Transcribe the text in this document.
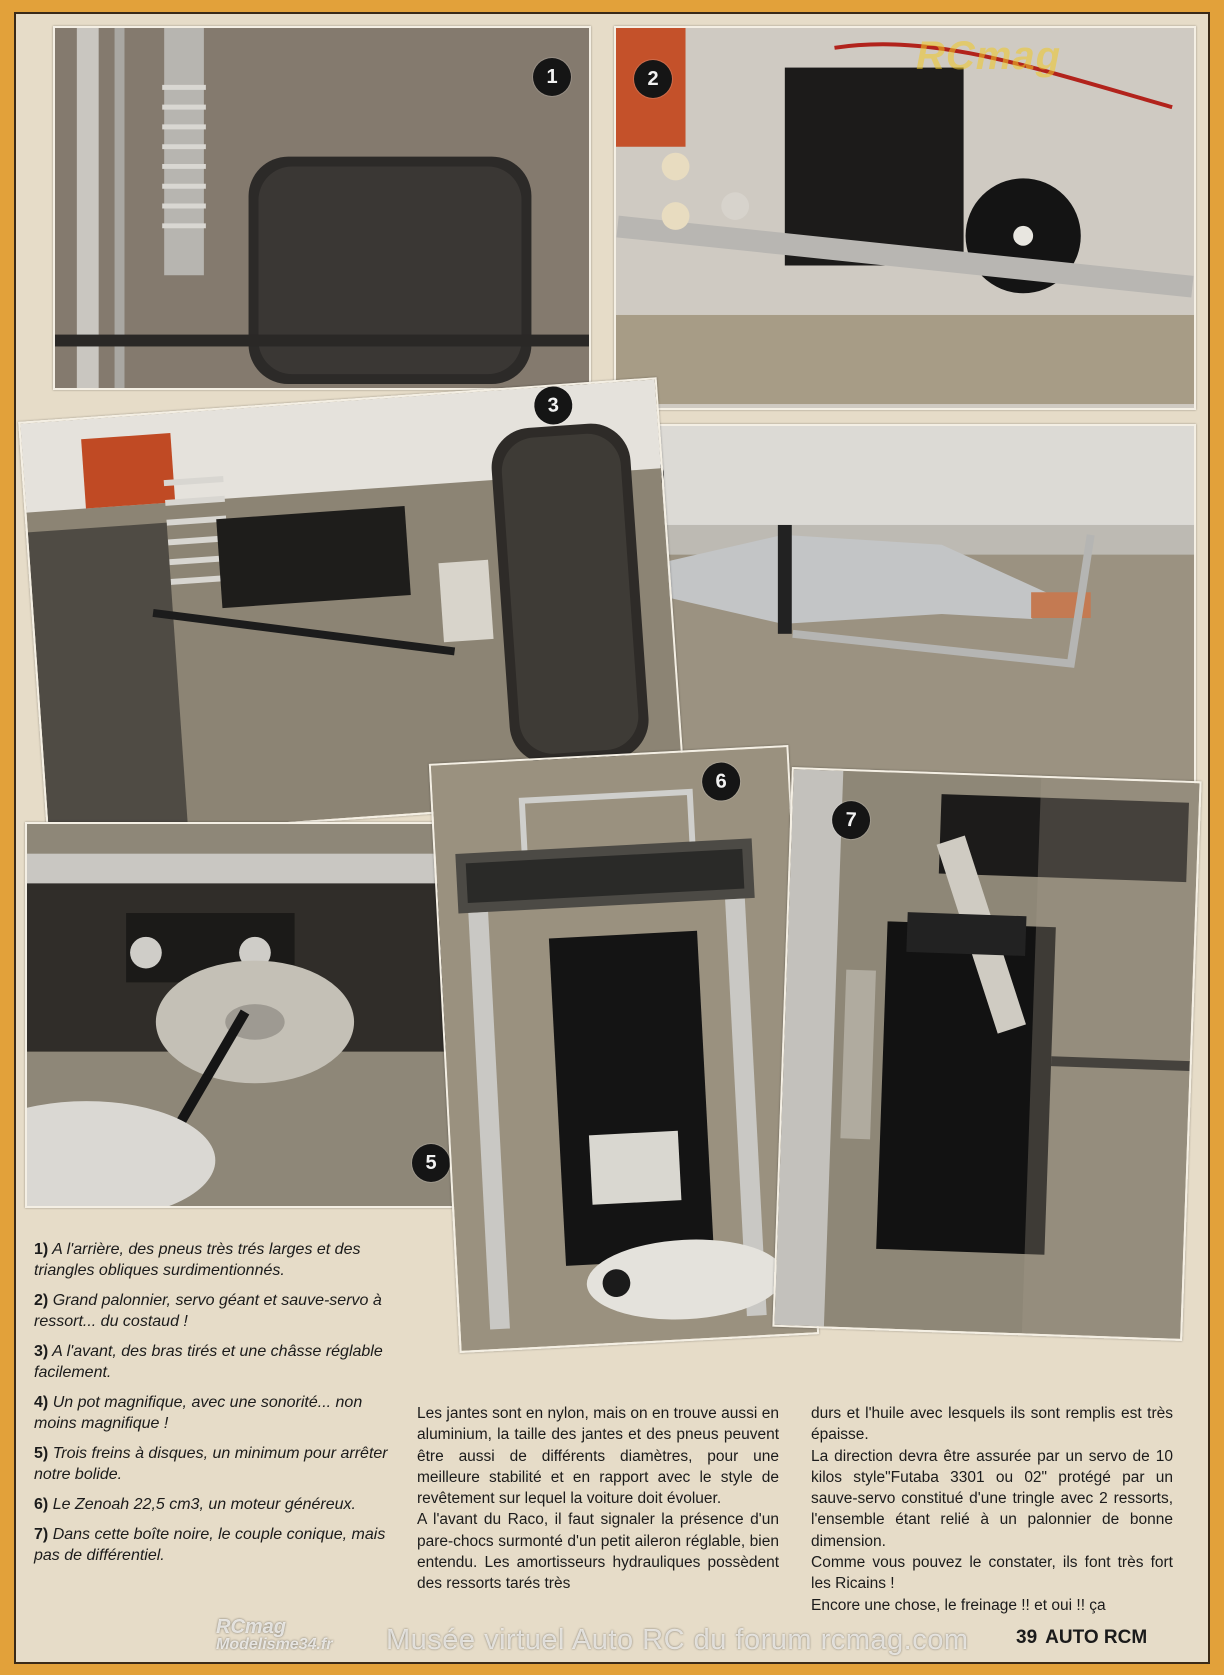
1	2
3
5
6
7
RCmag

1) A l'arrière, des pneus très trés larges et des triangles obliques surdimentionnés.

2) Grand palonnier, servo géant et sauve-servo à ressort... du costaud !

3) A l'avant, des bras tirés et une châsse réglable facilement.

4) Un pot magnifique, avec une sonorité... non moins magnifique !

5) Trois freins à disques, un minimum pour arrêter notre bolide.

6) Le Zenoah 22,5 cm3, un moteur généreux.

7) Dans cette boîte noire, le couple conique, mais pas de différentiel.

Les jantes sont en nylon, mais on en trouve aussi en aluminium, la taille des jantes et des pneus peuvent être aussi de différents diamètres, pour une meilleure stabilité et en rapport avec le style de revêtement sur lequel la voiture doit évoluer.

A l'avant du Raco, il faut signaler la présence d'un pare-chocs surmonté d'un petit aileron réglable, bien entendu. Les amortisseurs hydrauliques possèdent des ressorts tarés très

durs et l'huile avec lesquels ils sont remplis est très épaisse.

La direction devra être assurée par un servo de 10 kilos style"Futaba 3301 ou 02" protégé par un sauve-servo constitué d'une tringle avec 2 ressorts, l'ensemble étant relié à un palonnier de bonne dimension.

Comme vous pouvez le constater, ils font très fort les Ricains !

Encore une chose, le freinage !! et oui !! ça

RCmag
Modelisme34.fr Musée virtuel Auto RC du forum rcmag.com	39 AUTO RCM
